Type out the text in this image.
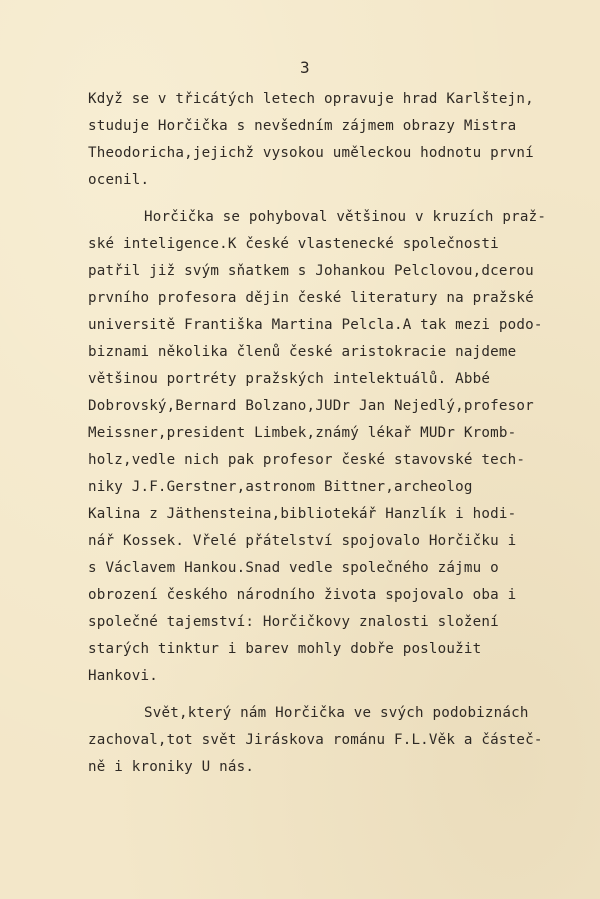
3
Když se v třicátých letech opravuje hrad Karlštejn,
studuje Horčička s nevšedním zájmem obrazy Mistra
Theodoricha,jejichž vysokou uměleckou hodnotu první
ocenil.
Horčička se pohyboval většinou v kruzích praž-
ské inteligence.K české vlastenecké společnosti
patřil již svým sňatkem s Johankou Pelclovou,dcerou
prvního profesora dějin české literatury na pražské
universitě Františka Martina Pelcla.A tak mezi podo-
biznami několika členů české aristokracie najdeme
většinou portréty pražských intelektuálů. Abbé
Dobrovský,Bernard Bolzano,JUDr Jan Nejedlý,profesor
Meissner,president Limbek,známý lékař MUDr Kromb-
holz,vedle nich pak profesor české stavovské tech-
niky J.F.Gerstner,astronom Bittner,archeolog
Kalina z Jäthensteina,bibliotekář Hanzlík i hodi-
nář Kossek. Vřelé přátelství spojovalo Horčičku i
s Václavem Hankou.Snad vedle společného zájmu o
obrození českého národního života spojovalo oba i
společné tajemství: Horčičkovy znalosti složení
starých tinktur i barev mohly dobře posloužit
Hankovi.
Svět,který nám Horčička ve svých podobiznách
zachoval,tot svět Jiráskova románu F.L.Věk a částeč-
ně i kroniky U nás.
